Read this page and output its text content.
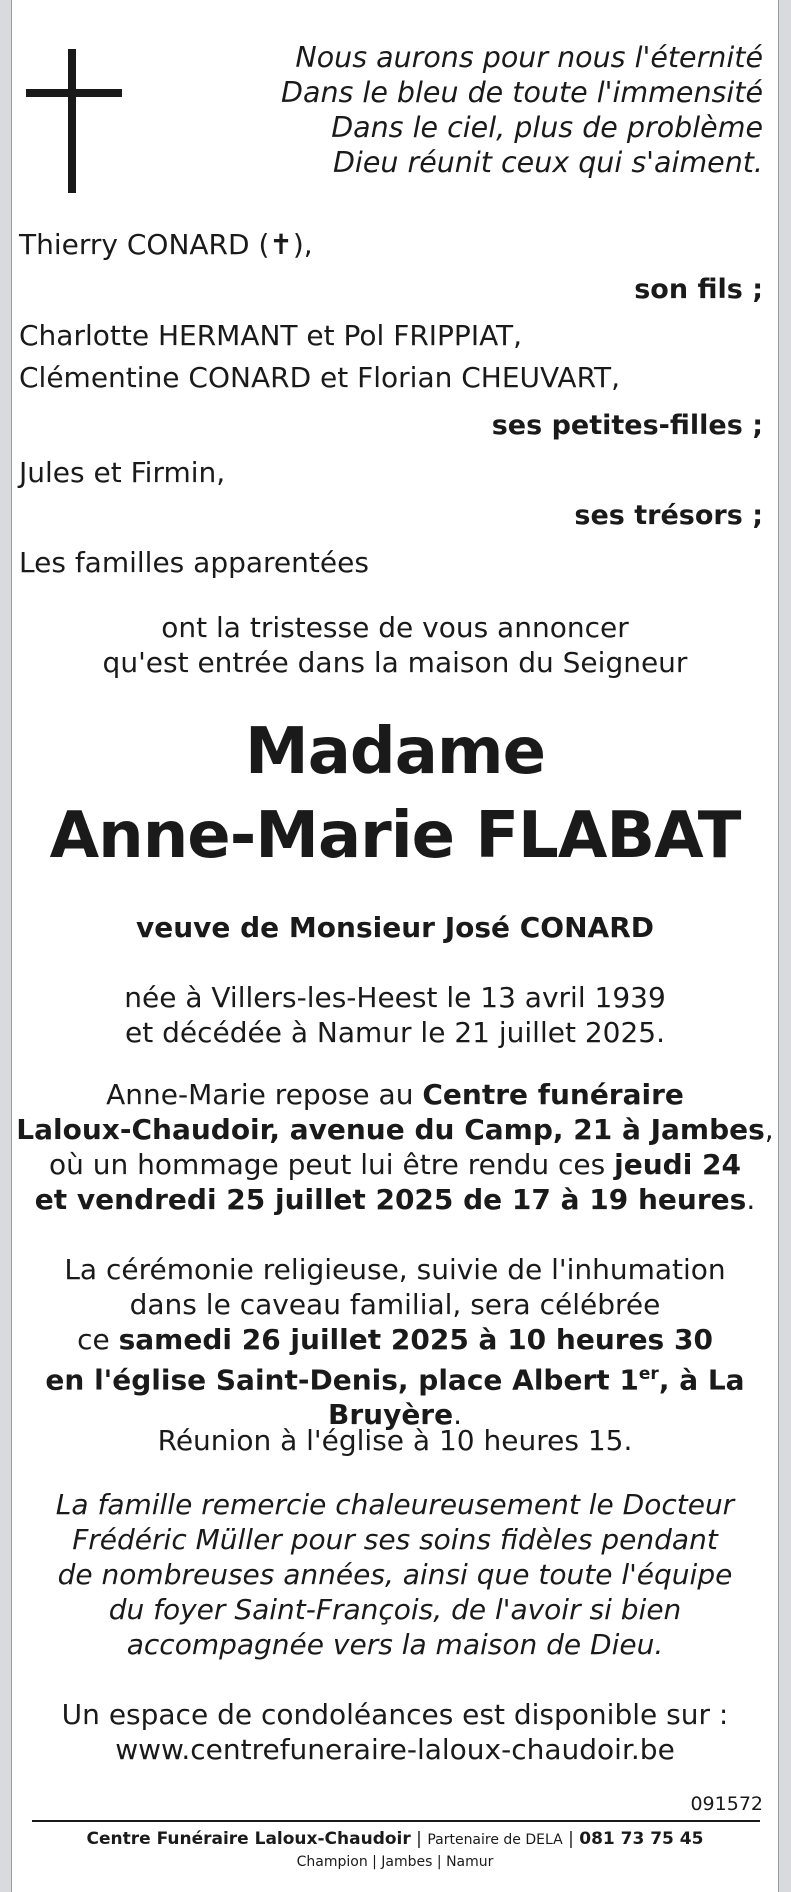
Nous aurons pour nous l'éternité
Dans le bleu de toute l'immensité
Dans le ciel, plus de problème
Dieu réunit ceux qui s'aiment.
Thierry CONARD (✝),
son fils ;
Charlotte HERMANT et Pol FRIPPIAT,
Clémentine CONARD et Florian CHEUVART,
ses petites-filles ;
Jules et Firmin,
ses trésors ;
Les familles apparentées
ont la tristesse de vous annoncer
qu'est entrée dans la maison du Seigneur
Madame
Anne-Marie FLABAT
veuve de Monsieur José CONARD
née à Villers-les-Heest le 13 avril 1939
et décédée à Namur le 21 juillet 2025.
Anne-Marie repose au Centre funéraire
Laloux-Chaudoir, avenue du Camp, 21 à Jambes,
où un hommage peut lui être rendu ces jeudi 24
et vendredi 25 juillet 2025 de 17 à 19 heures.
La cérémonie religieuse, suivie de l'inhumation
dans le caveau familial, sera célébrée
ce samedi 26 juillet 2025 à 10 heures 30
en l'église Saint-Denis, place Albert 1er, à La Bruyère.
Réunion à l'église à 10 heures 15.
La famille remercie chaleureusement le Docteur
Frédéric Müller pour ses soins fidèles pendant
de nombreuses années, ainsi que toute l'équipe
du foyer Saint-François, de l'avoir si bien
accompagnée vers la maison de Dieu.
Un espace de condoléances est disponible sur :
www.centrefuneraire-laloux-chaudoir.be
091572
Centre Funéraire Laloux-Chaudoir | Partenaire de DELA | 081 73 75 45
Champion | Jambes | Namur
